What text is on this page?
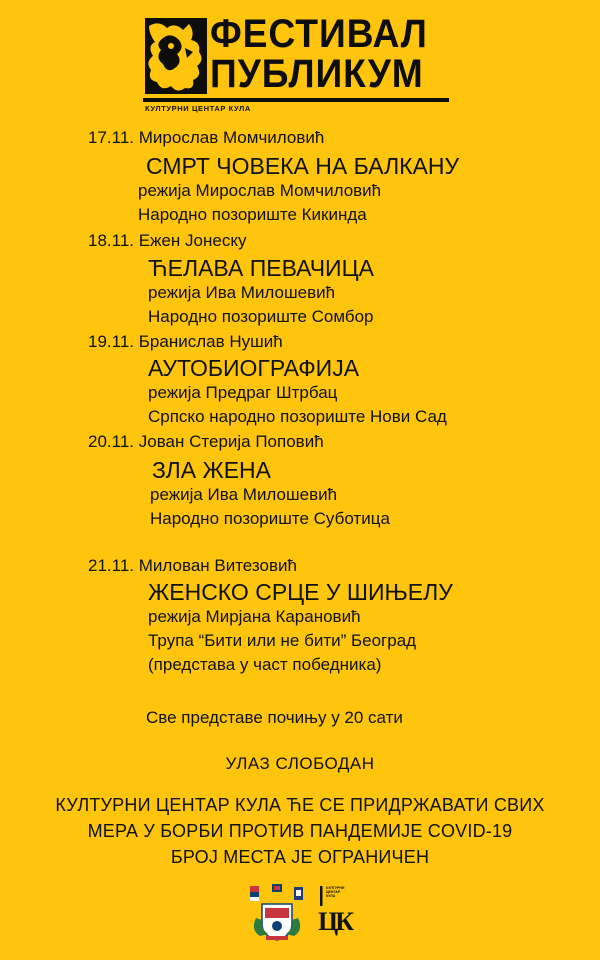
ФЕСТИВАЛ
ПУБЛИКУМ
КУЛТУРНИ ЦЕНТАР КУЛА
17.11. Мирослав Момчиловић
СМРТ ЧОВЕКА НА БАЛКАНУ
режија Мирослав Момчиловић
Народно позориште Кикинда
18.11. Ежен Јонеску
ЋЕЛАВА ПЕВАЧИЦА
режија Ива Милошевић
Народно позориште Сомбор
19.11. Бранислав Нушић
АУТОБИОГРАФИЈА
режија Предраг Штрбац
Српско народно позориште Нови Сад
20.11. Јован Стерија Поповић
ЗЛА ЖЕНА
режија Ива Милошевић
Народно позориште Суботица
21.11. Милован Витезовић
ЖЕНСКО СРЦЕ У ШИЊЕЛУ
режија Мирјана Карановић
Трупа “Бити или не бити” Београд
(представа у част победника)
Све представе почињу у 20 сати
УЛАЗ СЛОБОДАН
КУЛТУРНИ ЦЕНТАР КУЛА ЋЕ СЕ ПРИДРЖАВАТИ СВИХ
МЕРА У БОРБИ ПРОТИВ ПАНДЕМИЈЕ COVID-19
БРОЈ МЕСТА ЈЕ ОГРАНИЧЕН
КУЛТУРНИ ЦЕНТАР КУЛА
ЦК
